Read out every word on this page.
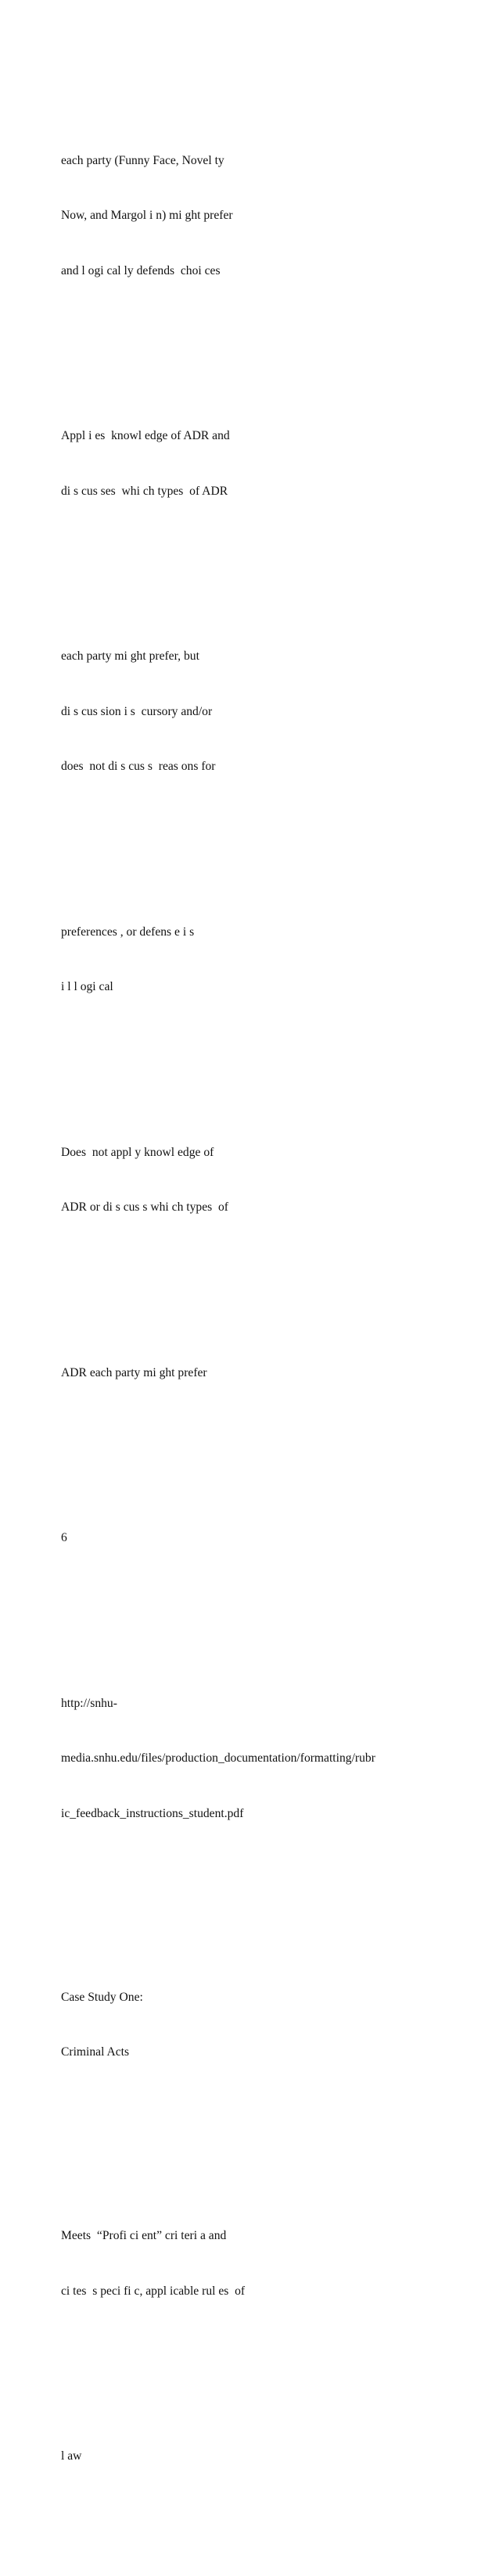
each party (Funny Face, Novel ty

Now, and Margol i n) mi ght prefer

and l ogi cal ly defends  choi ces

Appl i es  knowl edge of ADR and

di s cus ses  whi ch types  of ADR

each party mi ght prefer, but

di s cus sion i s  cursory and/or

does  not di s cus s  reas ons for

preferences , or defens e i s

i l l ogi cal

Does  not appl y knowl edge of

ADR or di s cus s whi ch types  of

ADR each party mi ght prefer

6

http://snhu-

media.snhu.edu/files/production_documentation/formatting/rubr

ic_feedback_instructions_student.pdf

Case Study One:

Criminal Acts

Meets  “Profi ci ent” cri teri a and

ci tes  s peci fi c, appl icable rul es  of

l aw
